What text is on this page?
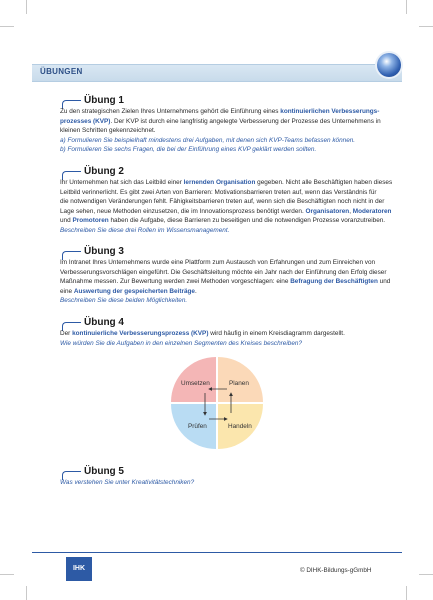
ÜBUNGEN
Übung 1
Zu den strategischen Zielen Ihres Unternehmens gehört die Einführung eines kontinuierlichen Verbesserungs-
prozesses (KVP). Der KVP ist durch eine langfristig angelegte Verbesserung der Prozesse des Unternehmens in
kleinen Schritten gekennzeichnet.
a) Formulieren Sie beispielhaft mindestens drei Aufgaben, mit denen sich KVP-Teams befassen können.
b) Formulieren Sie sechs Fragen, die bei der Einführung eines KVP geklärt werden sollten.
Übung 2
Ihr Unternehmen hat sich das Leitbild einer lernenden Organisation gegeben. Nicht alle Beschäftigten haben dieses
Leitbild verinnerlicht. Es gibt zwei Arten von Barrieren: Motivationsbarrieren treten auf, wenn das Verständnis für
die notwendigen Veränderungen fehlt. Fähigkeitsbarrieren treten auf, wenn sich die Beschäftigten noch nicht in der
Lage sehen, neue Methoden einzusetzen, die im Innovationsprozess benötigt werden. Organisatoren, Moderatoren
und Promotoren haben die Aufgabe, diese Barrieren zu beseitigen und die notwendigen Prozesse voranzutreiben.
Beschreiben Sie diese drei Rollen im Wissensmanagement.
Übung 3
Im Intranet Ihres Unternehmens wurde eine Plattform zum Austausch von Erfahrungen und zum Einreichen von
Verbesserungsvorschlägen eingeführt. Die Geschäftsleitung möchte ein Jahr nach der Einführung den Erfolg dieser
Maßnahme messen. Zur Bewertung werden zwei Methoden vorgeschlagen: eine Befragung der Beschäftigten und
eine Auswertung der gespeicherten Beiträge.
Beschreiben Sie diese beiden Möglichkeiten.
Übung 4
Der kontinuierliche Verbesserungsprozess (KVP) wird häufig in einem Kreisdiagramm dargestellt.
Wie würden Sie die Aufgaben in den einzelnen Segmenten des Kreises beschreiben?
Umsetzen	Planen
Prüfen	Handeln
Übung 5
Was verstehen Sie unter Kreativitätstechniken?
IHK	© DIHK-Bildungs-gGmbH
